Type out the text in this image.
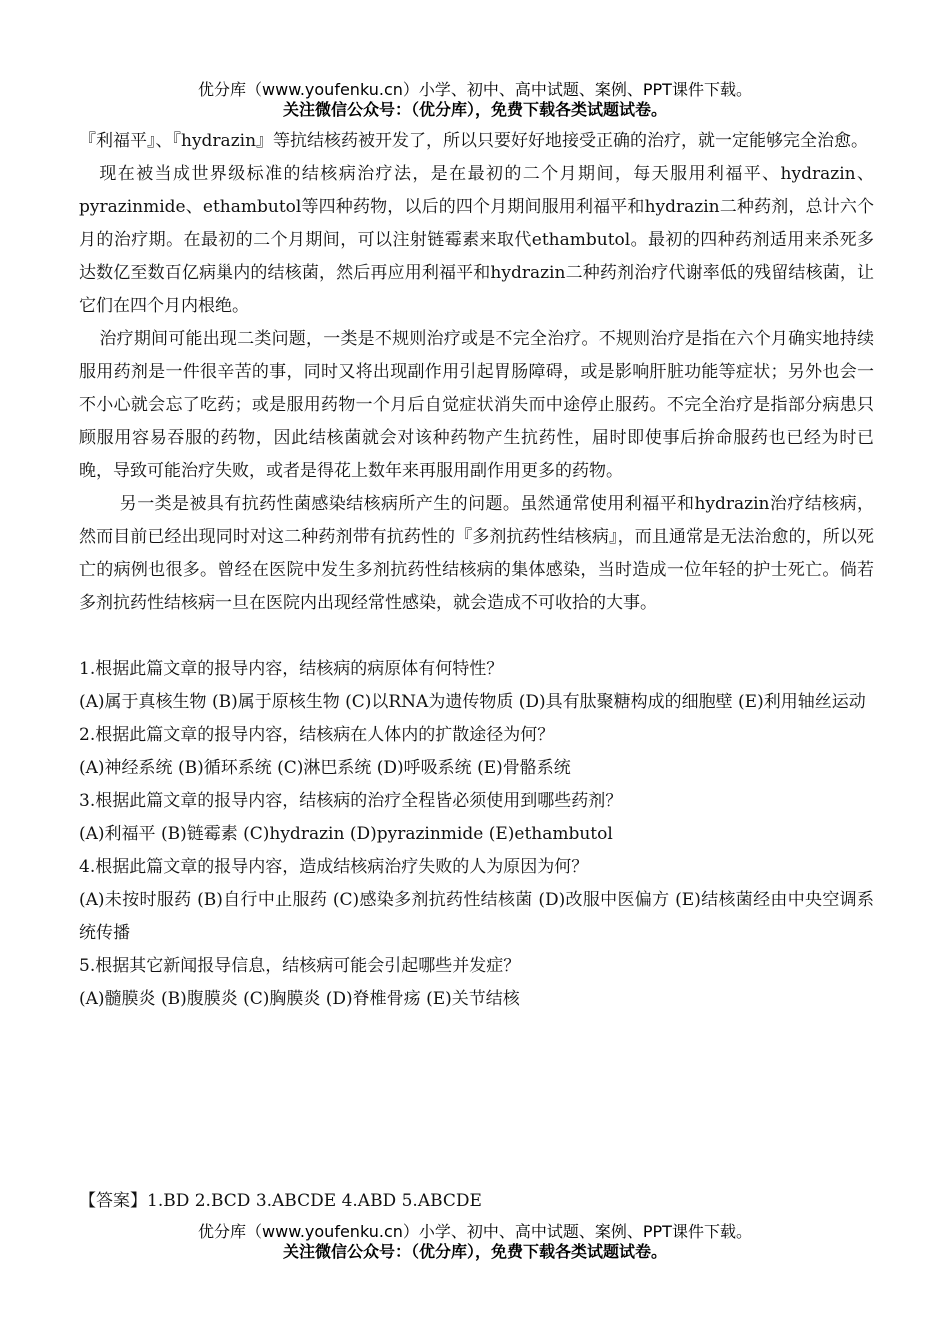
优分库（www.youfenku.cn）小学、初中、高中试题、案例、PPT课件下载。
关注微信公众号：（优分库），免费下载各类试题试卷。

『利福平』、『hydrazin』等抗结核药被开发了，所以只要好好地接受正确的治疗，就一定能够完全治愈。

现在被当成世界级标准的结核病治疗法，是在最初的二个月期间，每天服用利福平、hydrazin、pyrazinmide、ethambutol等四种药物，以后的四个月期间服用利福平和hydrazin二种药剂，总计六个月的治疗期。在最初的二个月期间，可以注射链霉素来取代ethambutol。最初的四种药剂适用来杀死多达数亿至数百亿病巢内的结核菌，然后再应用利福平和hydrazin二种药剂治疗代谢率低的残留结核菌，让它们在四个月内根绝。

治疗期间可能出现二类问题，一类是不规则治疗或是不完全治疗。不规则治疗是指在六个月确实地持续服用药剂是一件很辛苦的事，同时又将出现副作用引起胃肠障碍，或是影响肝脏功能等症状；另外也会一不小心就会忘了吃药；或是服用药物一个月后自觉症状消失而中途停止服药。不完全治疗是指部分病患只顾服用容易吞服的药物，因此结核菌就会对该种药物产生抗药性，届时即使事后拚命服药也已经为时已晚，导致可能治疗失败，或者是得花上数年来再服用副作用更多的药物。

另一类是被具有抗药性菌感染结核病所产生的问题。虽然通常使用利福平和hydrazin治疗结核病，然而目前已经出现同时对这二种药剂带有抗药性的『多剂抗药性结核病』，而且通常是无法治愈的，所以死亡的病例也很多。曾经在医院中发生多剂抗药性结核病的集体感染，当时造成一位年轻的护士死亡。倘若多剂抗药性结核病一旦在医院内出现经常性感染，就会造成不可收拾的大事。

1.根据此篇文章的报导内容，结核病的病原体有何特性？

(A)属于真核生物 (B)属于原核生物 (C)以RNA为遗传物质 (D)具有肽聚糖构成的细胞壁 (E)利用轴丝运动

2.根据此篇文章的报导内容，结核病在人体内的扩散途径为何？

(A)神经系统 (B)循环系统 (C)淋巴系统 (D)呼吸系统 (E)骨骼系统

3.根据此篇文章的报导内容，结核病的治疗全程皆必须使用到哪些药剂？

(A)利福平 (B)链霉素 (C)hydrazin (D)pyrazinmide (E)ethambutol

4.根据此篇文章的报导内容，造成结核病治疗失败的人为原因为何？

(A)未按时服药 (B)自行中止服药 (C)感染多剂抗药性结核菌 (D)改服中医偏方 (E)结核菌经由中央空调系统传播

5.根据其它新闻报导信息，结核病可能会引起哪些并发症？

(A)髓膜炎 (B)腹膜炎 (C)胸膜炎 (D)脊椎骨疡 (E)关节结核

【答案】1.BD 2.BCD 3.ABCDE 4.ABD 5.ABCDE
优分库（www.youfenku.cn）小学、初中、高中试题、案例、PPT课件下载。
关注微信公众号：（优分库），免费下载各类试题试卷。
